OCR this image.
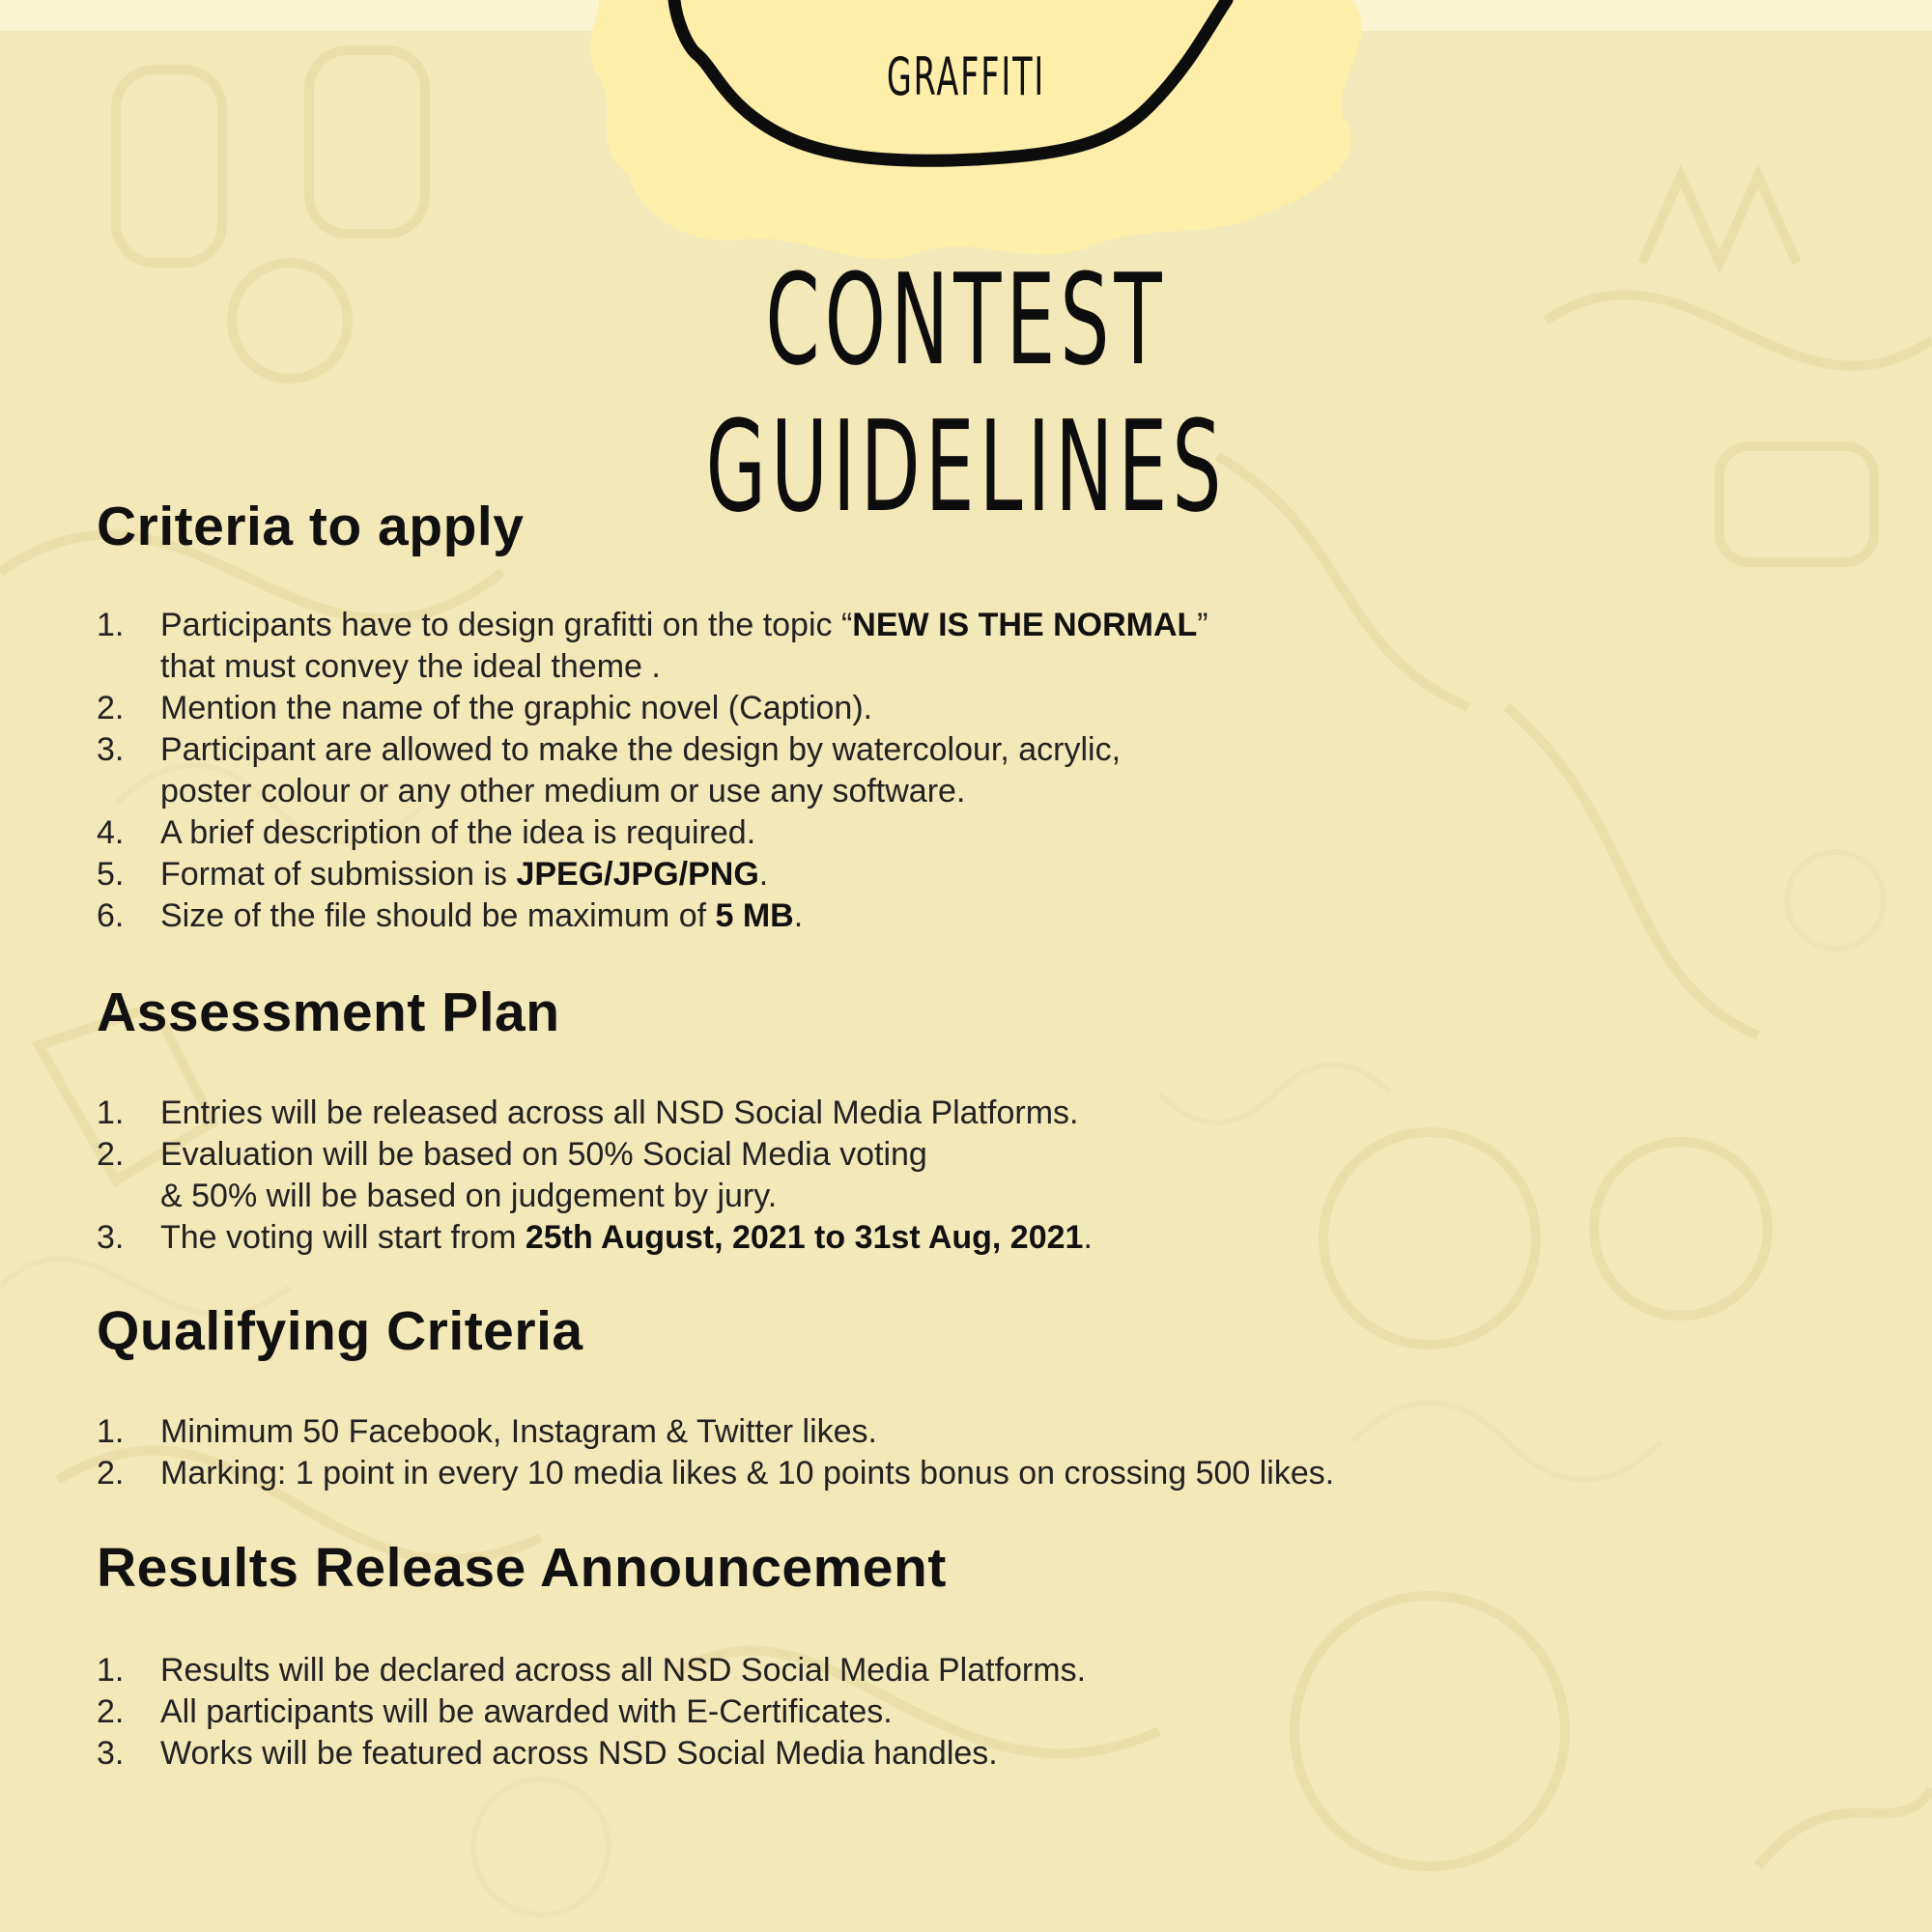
GRAFFITI
CONTEST GUIDELINES
Criteria to apply
1. Participants have to design grafitti on the topic “NEW IS THE NORMAL”
that must convey the ideal theme .
2. Mention the name of the graphic novel (Caption).
3. Participant are allowed to make the design by watercolour, acrylic,
poster colour or any other medium or use any software.
4. A brief description of the idea is required.
5. Format of submission is JPEG/JPG/PNG.
6. Size of the file should be maximum of 5 MB.
Assessment Plan
1. Entries will be released across all NSD Social Media Platforms.
2. Evaluation will be based on 50% Social Media voting
& 50% will be based on judgement by jury.
3. The voting will start from 25th August, 2021 to 31st Aug, 2021.
Qualifying Criteria
1. Minimum 50 Facebook, Instagram & Twitter likes.
2. Marking: 1 point in every 10 media likes & 10 points bonus on crossing 500 likes.
Results Release Announcement
1. Results will be declared across all NSD Social Media Platforms.
2. All participants will be awarded with E-Certificates.
3. Works will be featured across NSD Social Media handles.
